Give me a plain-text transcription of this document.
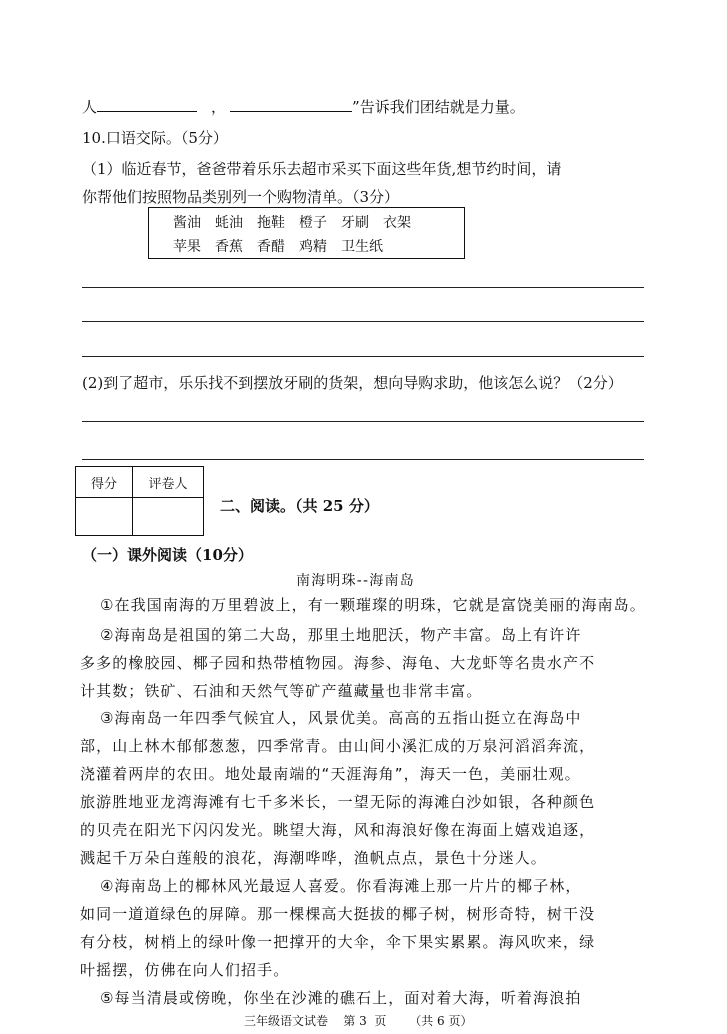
人	，	”告诉我们团结就是力量。
10.口语交际。（5分）
（1）临近春节，爸爸带着乐乐去超市采买下面这些年货,想节约时间，请
你帮他们按照物品类别列一个购物清单。（3分）
酱油 蚝油 拖鞋 橙子 牙刷 衣架
苹果 香蕉 香醋 鸡精 卫生纸
(2)到了超市，乐乐找不到摆放牙刷的货架，想向导购求助，他该怎么说？（2分）
得分	评卷人

二、阅读。（共 25 分）
（一）课外阅读（10分）
南海明珠--海南岛
①在我国南海的万里碧波上，有一颗璀璨的明珠，它就是富饶美丽的海南岛。
②海南岛是祖国的第二大岛，那里土地肥沃，物产丰富。岛上有许许
多多的橡胶园、椰子园和热带植物园。海参、海龟、大龙虾等名贵水产不
计其数；铁矿、石油和天然气等矿产蕴藏量也非常丰富。
③海南岛一年四季气候宜人，风景优美。高高的五指山挺立在海岛中
部，山上林木郁郁葱葱，四季常青。由山间小溪汇成的万泉河滔滔奔流，
浇灌着两岸的农田。地处最南端的“天涯海角”，海天一色，美丽壮观。
旅游胜地亚龙湾海滩有七千多米长，一望无际的海滩白沙如银，各种颜色
的贝壳在阳光下闪闪发光。眺望大海，风和海浪好像在海面上嬉戏追逐，
溅起千万朵白莲般的浪花，海潮哗哗，渔帆点点，景色十分迷人。
④海南岛上的椰林风光最逗人喜爱。你看海滩上那一片片的椰子林，
如同一道道绿色的屏障。那一棵棵高大挺拔的椰子树，树形奇特，树干没
有分枝，树梢上的绿叶像一把撑开的大伞，伞下果实累累。海风吹来，绿
叶摇摆，仿佛在向人们招手。
⑤每当清晨或傍晚，你坐在沙滩的礁石上，面对着大海，听着海浪拍
三年级语文试卷    第 3  页      （共 6 页）
